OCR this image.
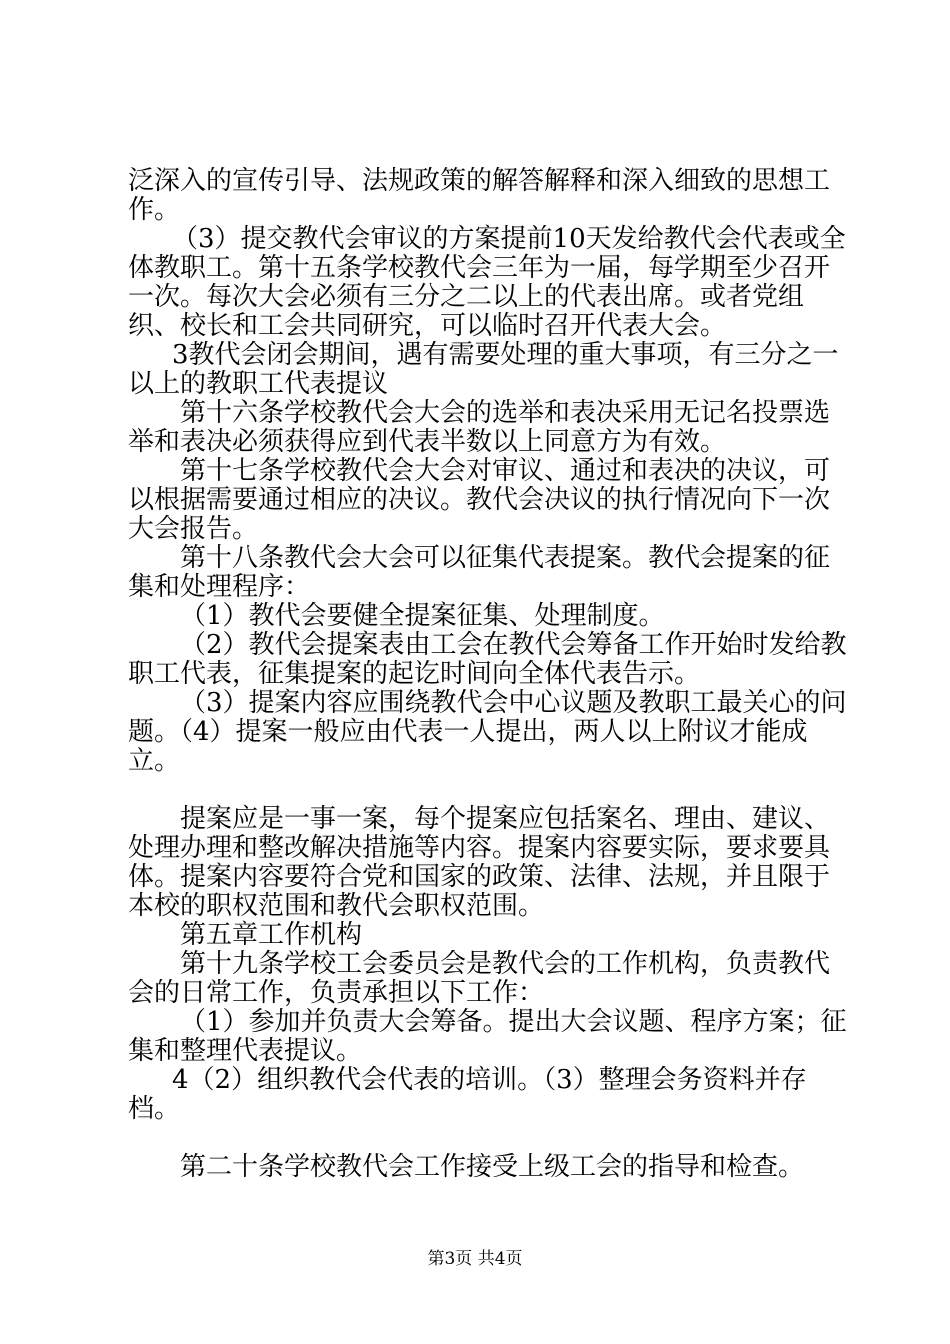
泛深入的宣传引导、法规政策的解答解释和深入细致的思想工作。

（3）提交教代会审议的方案提前10天发给教代会代表或全体教职工。第十五条学校教代会三年为一届，每学期至少召开一次。每次大会必须有三分之二以上的代表出席。或者党组织、校长和工会共同研究，可以临时召开代表大会。

3教代会闭会期间，遇有需要处理的重大事项，有三分之一以上的教职工代表提议

第十六条学校教代会大会的选举和表决采用无记名投票选举和表决必须获得应到代表半数以上同意方为有效。

第十七条学校教代会大会对审议、通过和表决的决议，可以根据需要通过相应的决议。教代会决议的执行情况向下一次大会报告。

第十八条教代会大会可以征集代表提案。教代会提案的征集和处理程序：

（1）教代会要健全提案征集、处理制度。

（2）教代会提案表由工会在教代会筹备工作开始时发给教职工代表，征集提案的起讫时间向全体代表告示。

（3）提案内容应围绕教代会中心议题及教职工最关心的问题。（4）提案一般应由代表一人提出，两人以上附议才能成立。

提案应是一事一案，每个提案应包括案名、理由、建议、处理办理和整改解决措施等内容。提案内容要实际，要求要具体。提案内容要符合党和国家的政策、法律、法规，并且限于本校的职权范围和教代会职权范围。

第五章工作机构

第十九条学校工会委员会是教代会的工作机构，负责教代会的日常工作，负责承担以下工作：

（1）参加并负责大会筹备。提出大会议题、程序方案；征集和整理代表提议。

4（2）组织教代会代表的培训。（3）整理会务资料并存档。

第二十条学校教代会工作接受上级工会的指导和检查。

第3页 共4页
